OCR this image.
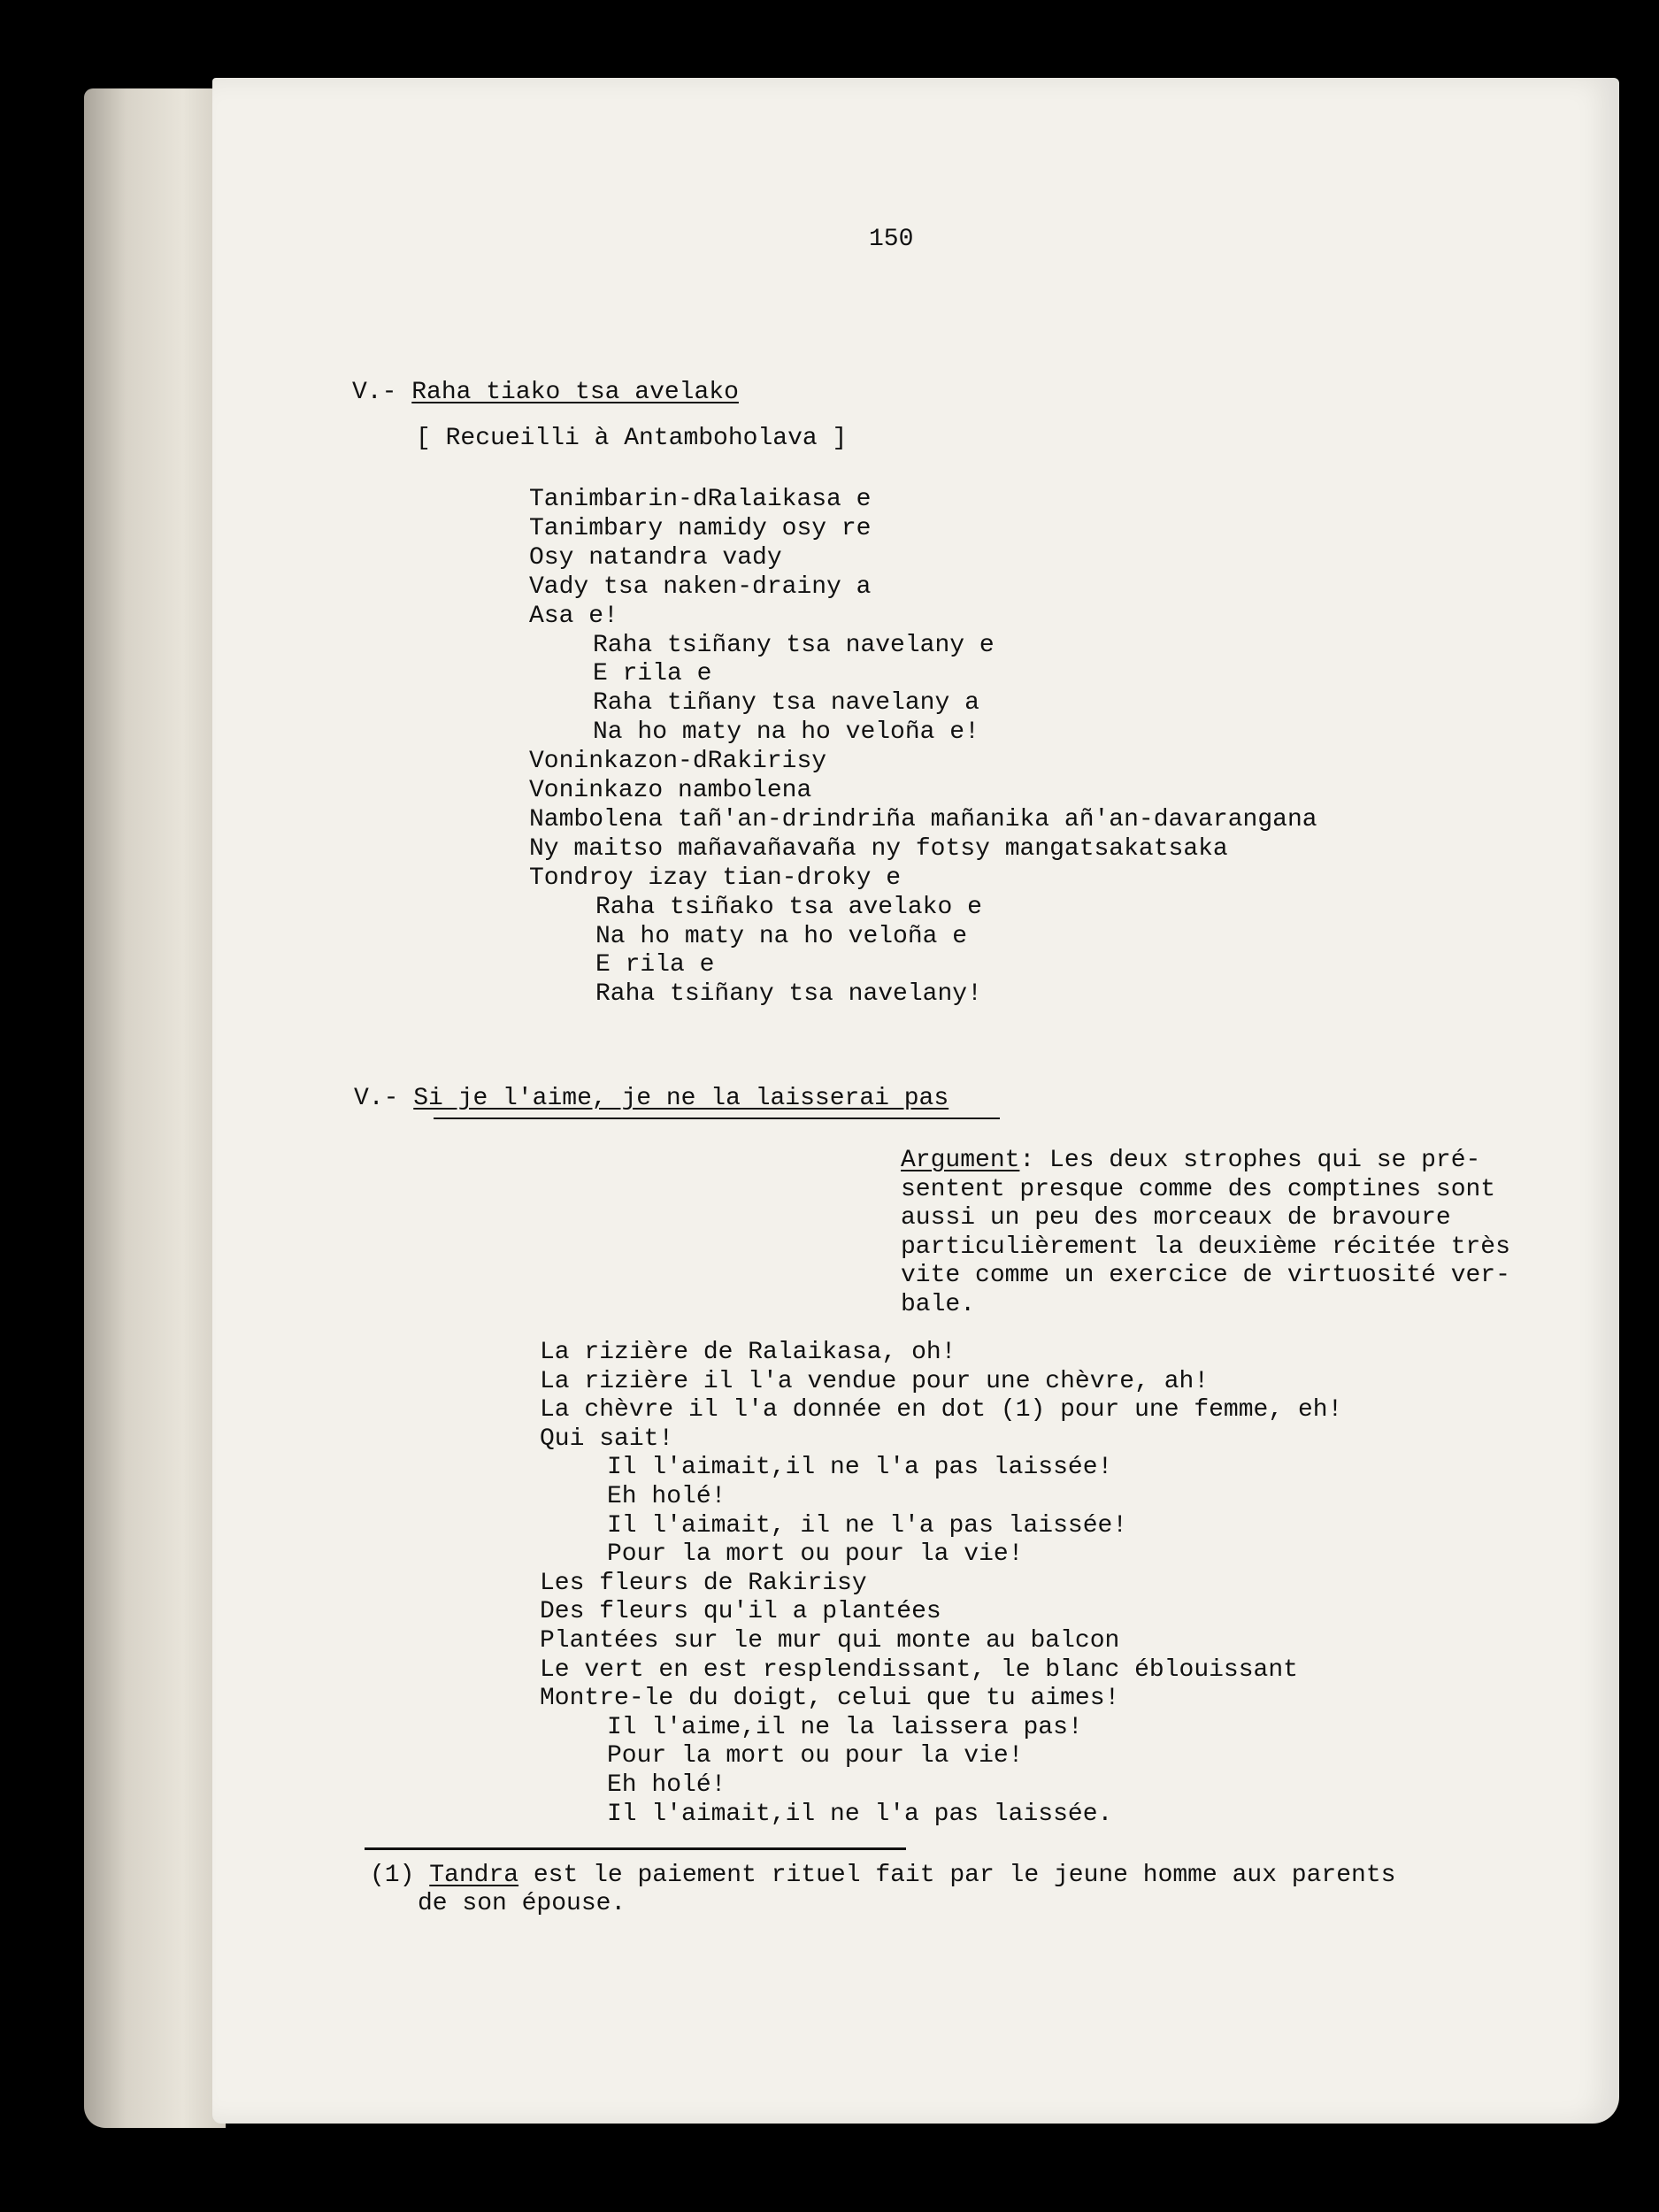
150
V.- Raha tiako tsa avelako
[ Recueilli à Antamboholava ]
Tanimbarin-dRalaikasa e
Tanimbary namidy osy re
Osy natandra vady
Vady tsa naken-drainy a
Asa e!
Raha tsiñany tsa navelany e
E rila e
Raha tiñany tsa navelany a
Na ho maty na ho veloña e!
Voninkazon-dRakirisy
Voninkazo nambolena
Nambolena tañ'an-drindriña mañanika añ'an-davarangana
Ny maitso mañavañavaña ny fotsy mangatsakatsaka
Tondroy izay tian-droky e
Raha tsiñako tsa avelako e
Na ho maty na ho veloña e
E rila e
Raha tsiñany tsa navelany!
V.- Si je l'aime, je ne la laisserai pas
Argument: Les deux strophes qui se pré-
sentent presque comme des comptines sont
aussi un peu des morceaux de bravoure
particulièrement la deuxième récitée très
vite comme un exercice de virtuosité ver-
bale.
La rizière de Ralaikasa, oh!
La rizière il l'a vendue pour une chèvre, ah!
La chèvre il l'a donnée en dot (1) pour une femme, eh!
Qui sait!
Il l'aimait,il ne l'a pas laissée!
Eh holé!
Il l'aimait, il ne l'a pas laissée!
Pour la mort ou pour la vie!
Les fleurs de Rakirisy
Des fleurs qu'il a plantées
Plantées sur le mur qui monte au balcon
Le vert en est resplendissant, le blanc éblouissant
Montre-le du doigt, celui que tu aimes!
Il l'aime,il ne la laissera pas!
Pour la mort ou pour la vie!
Eh holé!
Il l'aimait,il ne l'a pas laissée.
(1) Tandra est le paiement rituel fait par le jeune homme aux parents
de son épouse.
